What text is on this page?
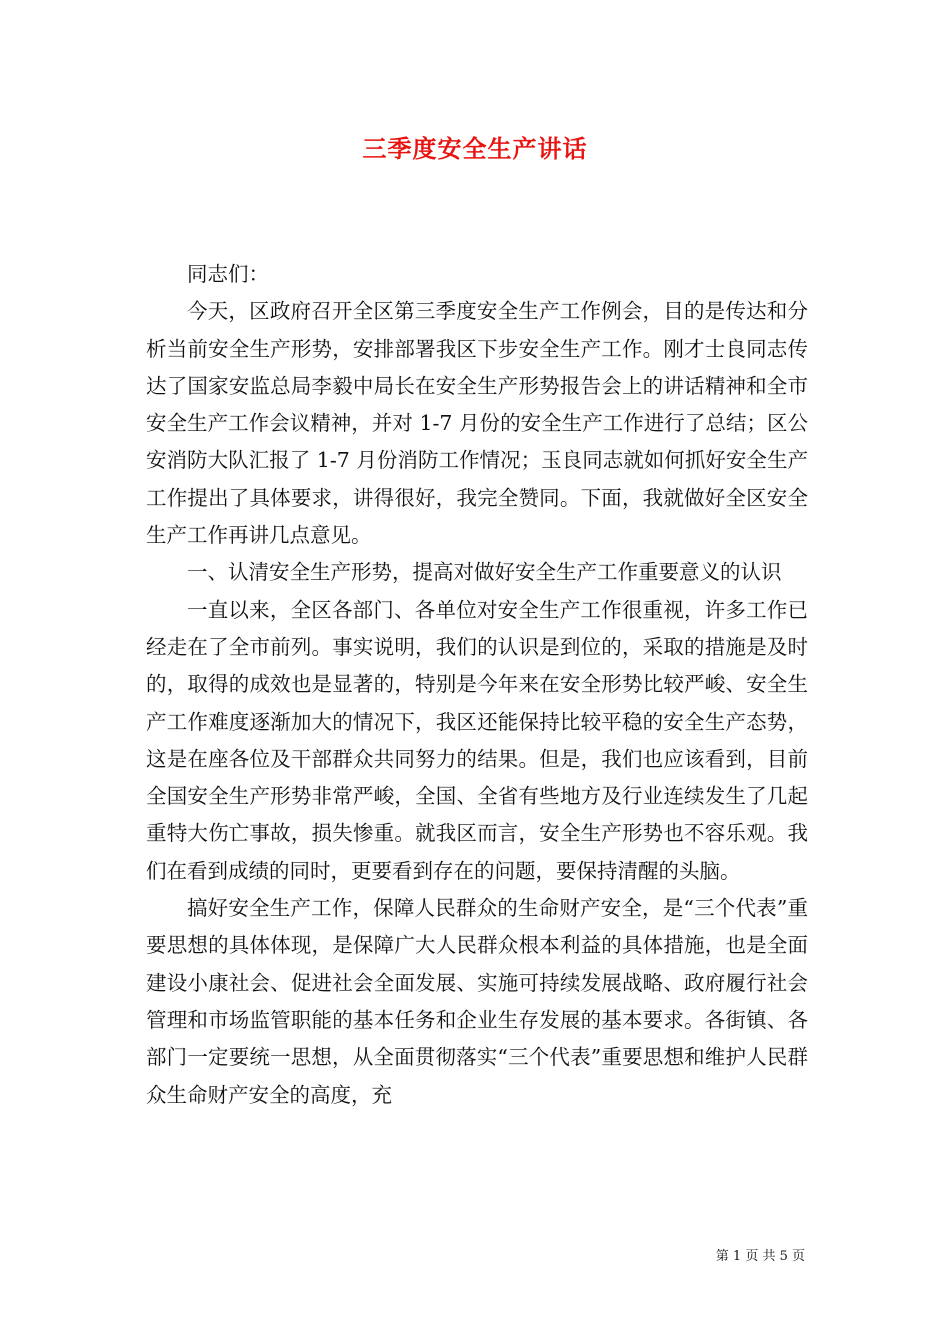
三季度安全生产讲话

同志们：

今天，区政府召开全区第三季度安全生产工作例会，目的是传达和分析当前安全生产形势，安排部署我区下步安全生产工作。刚才士良同志传达了国家安监总局李毅中局长在安全生产形势报告会上的讲话精神和全市安全生产工作会议精神，并对 1-7 月份的安全生产工作进行了总结；区公安消防大队汇报了 1-7 月份消防工作情况；玉良同志就如何抓好安全生产工作提出了具体要求，讲得很好，我完全赞同。下面，我就做好全区安全生产工作再讲几点意见。

一、认清安全生产形势，提高对做好安全生产工作重要意义的认识

一直以来，全区各部门、各单位对安全生产工作很重视，许多工作已经走在了全市前列。事实说明，我们的认识是到位的，采取的措施是及时的，取得的成效也是显著的，特别是今年来在安全形势比较严峻、安全生产工作难度逐渐加大的情况下，我区还能保持比较平稳的安全生产态势，这是在座各位及干部群众共同努力的结果。但是，我们也应该看到，目前全国安全生产形势非常严峻，全国、全省有些地方及行业连续发生了几起重特大伤亡事故，损失惨重。就我区而言，安全生产形势也不容乐观。我们在看到成绩的同时，更要看到存在的问题，要保持清醒的头脑。

搞好安全生产工作，保障人民群众的生命财产安全，是“三个代表”重要思想的具体体现，是保障广大人民群众根本利益的具体措施，也是全面建设小康社会、促进社会全面发展、实施可持续发展战略、政府履行社会管理和市场监管职能的基本任务和企业生存发展的基本要求。各街镇、各部门一定要统一思想，从全面贯彻落实“三个代表”重要思想和维护人民群众生命财产安全的高度，充

第 1 页 共 5 页
